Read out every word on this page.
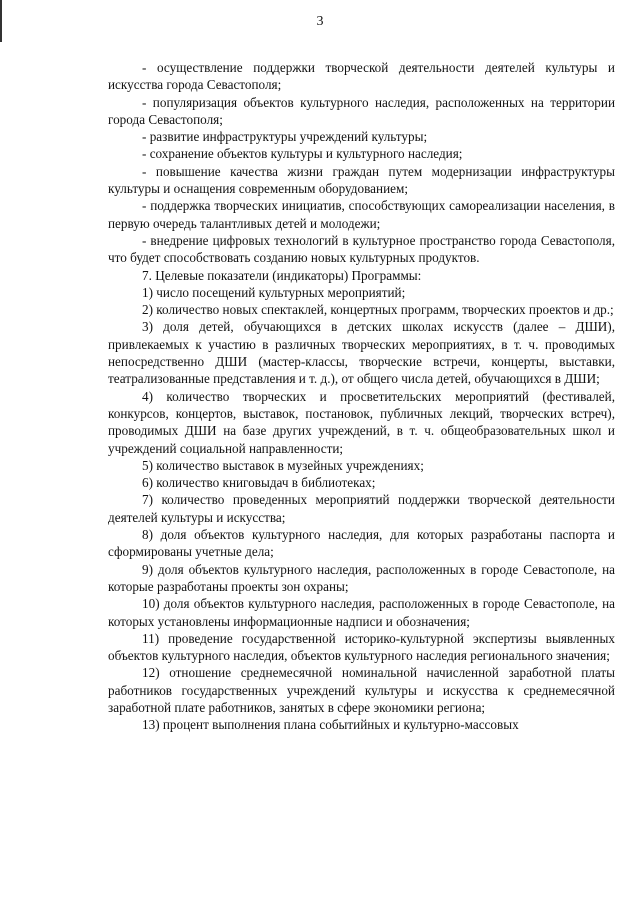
3

- осуществление поддержки творческой деятельности деятелей культуры и искусства города Севастополя;

- популяризация объектов культурного наследия, расположенных на территории города Севастополя;

- развитие инфраструктуры учреждений культуры;

- сохранение объектов культуры и культурного наследия;

- повышение качества жизни граждан путем модернизации инфраструктуры культуры и оснащения современным оборудованием;

- поддержка творческих инициатив, способствующих самореализации населения, в первую очередь талантливых детей и молодежи;

- внедрение цифровых технологий в культурное пространство города Севастополя, что будет способствовать созданию новых культурных продуктов.

7. Целевые показатели (индикаторы) Программы:

1) число посещений культурных мероприятий;

2) количество новых спектаклей, концертных программ, творческих проектов и др.;

3) доля детей, обучающихся в детских школах искусств (далее – ДШИ), привлекаемых к участию в различных творческих мероприятиях, в т. ч. проводимых непосредственно ДШИ (мастер-классы, творческие встречи, концерты, выставки, театрализованные представления и т. д.), от общего числа детей, обучающихся в ДШИ;

4) количество творческих и просветительских мероприятий (фестивалей, конкурсов, концертов, выставок, постановок, публичных лекций, творческих встреч), проводимых ДШИ на базе других учреждений, в т. ч. общеобразовательных школ и учреждений социальной направленности;

5) количество выставок в музейных учреждениях;

6) количество книговыдач в библиотеках;

7) количество проведенных мероприятий поддержки творческой деятельности деятелей культуры и искусства;

8) доля объектов культурного наследия, для которых разработаны паспорта и сформированы учетные дела;

9) доля объектов культурного наследия, расположенных в городе Севастополе, на которые разработаны проекты зон охраны;

10) доля объектов культурного наследия, расположенных в городе Севастополе, на которых установлены информационные надписи и обозначения;

11) проведение государственной историко-культурной экспертизы выявленных объектов культурного наследия, объектов культурного наследия регионального значения;

12) отношение среднемесячной номинальной начисленной заработной платы работников государственных учреждений культуры и искусства к среднемесячной заработной плате работников, занятых в сфере экономики региона;

13) процент выполнения плана событийных и культурно-массовых
